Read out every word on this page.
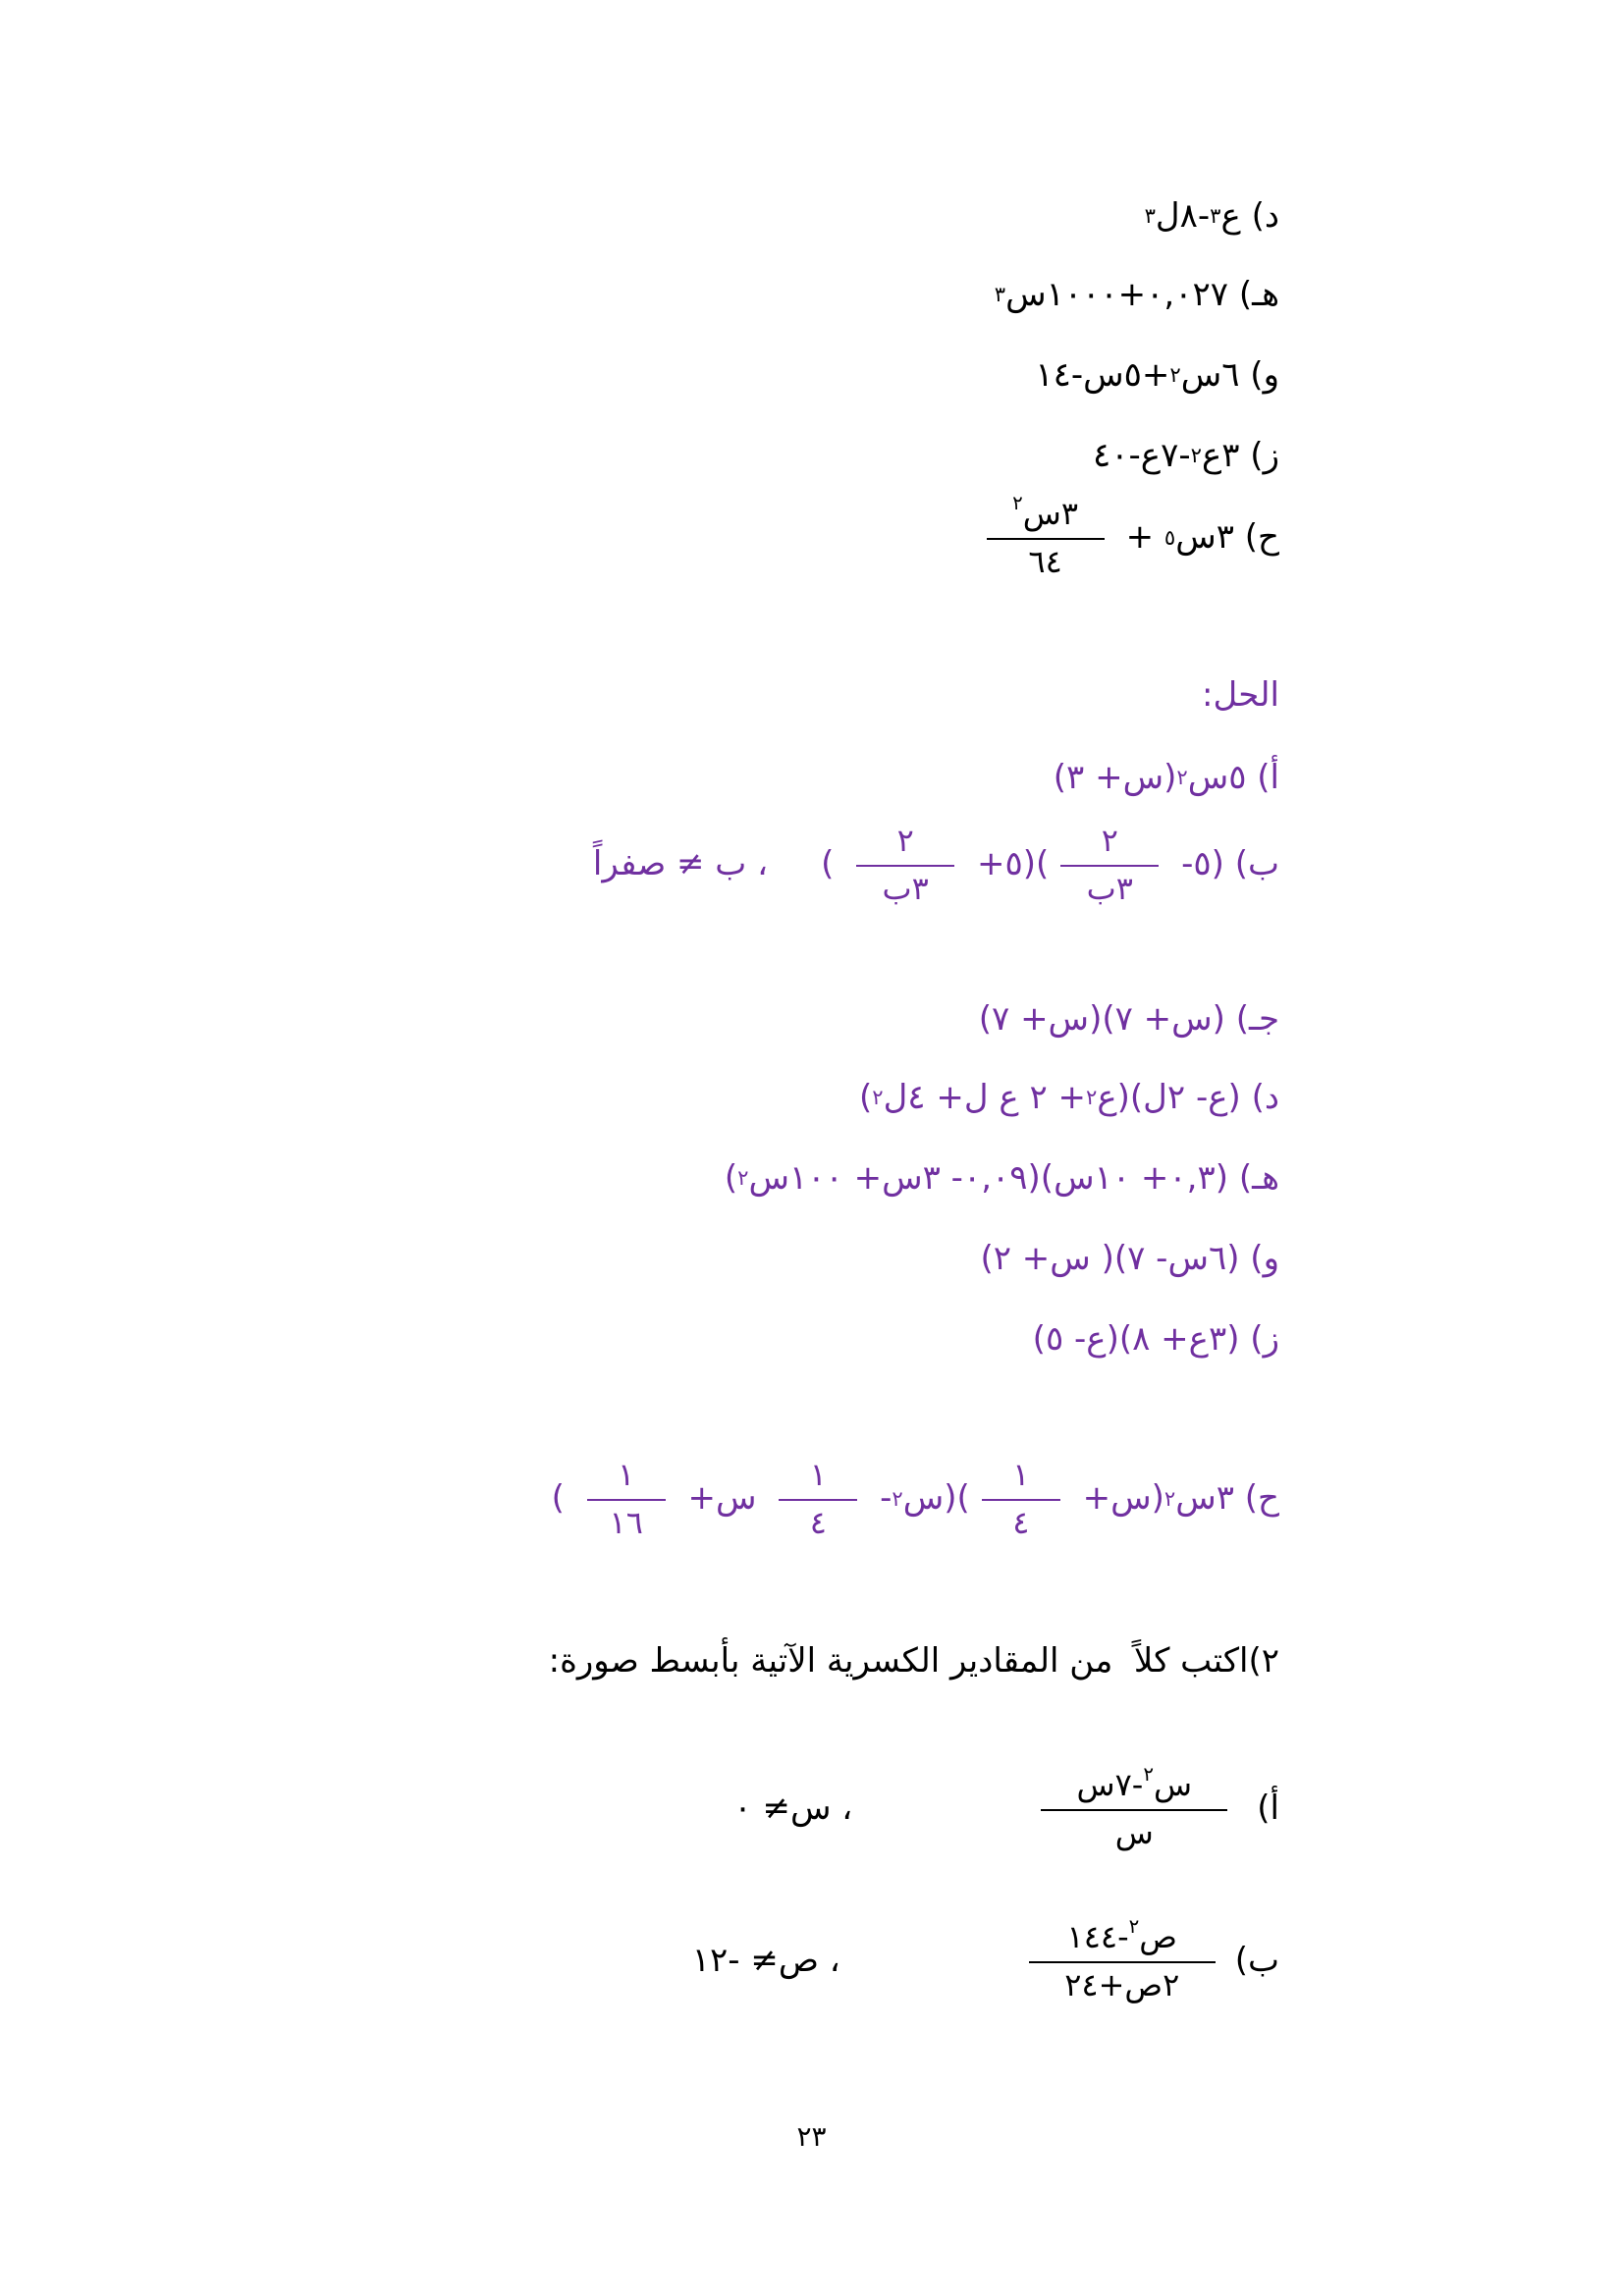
د) ع
٣
-٨ل
٣
هـ) ٠,٠٢٧+١٠٠٠س
٣
و) ٦س
٢
+٥س-١٤
ز) ٣ع
٢
-٧ع-٤٠
ح) ٣س
٥
+
$\frac{٣س^٢}{٦٤}$
الحل:
أ) ٥س
٢
(س+ ٣)
ب) (٥-
$\frac{٢}{\text{٣ب}}$
)(٥+
$\frac{٢}{\text{٣ب}}$
)     ، ب ≠ صفراً
جـ) (س+ ٧)(س+ ٧)
د) (ع- ٢ل)(ع
٢
+ ٢ ع ل+ ٤ل
٢
)
هـ) (٠,٣+ ١٠س)(٠,٠٩- ٣س+ ١٠٠س
٢
)
و) (٦س- ٧)( س+ ٢)
ز) (٣ع+ ٨)(ع- ٥)
ح) ٣س
٢
(س+
$\frac{١}{٤}$
)(س
٢
-
$\frac{١}{٤}$
س+
$\frac{١}{١٦}$
)
٢)اكتب كلاً  من المقادير الكسرية الآتية بأبسط صورة:
أ)
$\frac{س^٢-٧س}{\text{س}}$
، س≠ ٠
ب)
$\frac{ص^٢-١٤٤}{\text{٢ص+٢٤}}$
، ص≠ -١٢
٢٣
